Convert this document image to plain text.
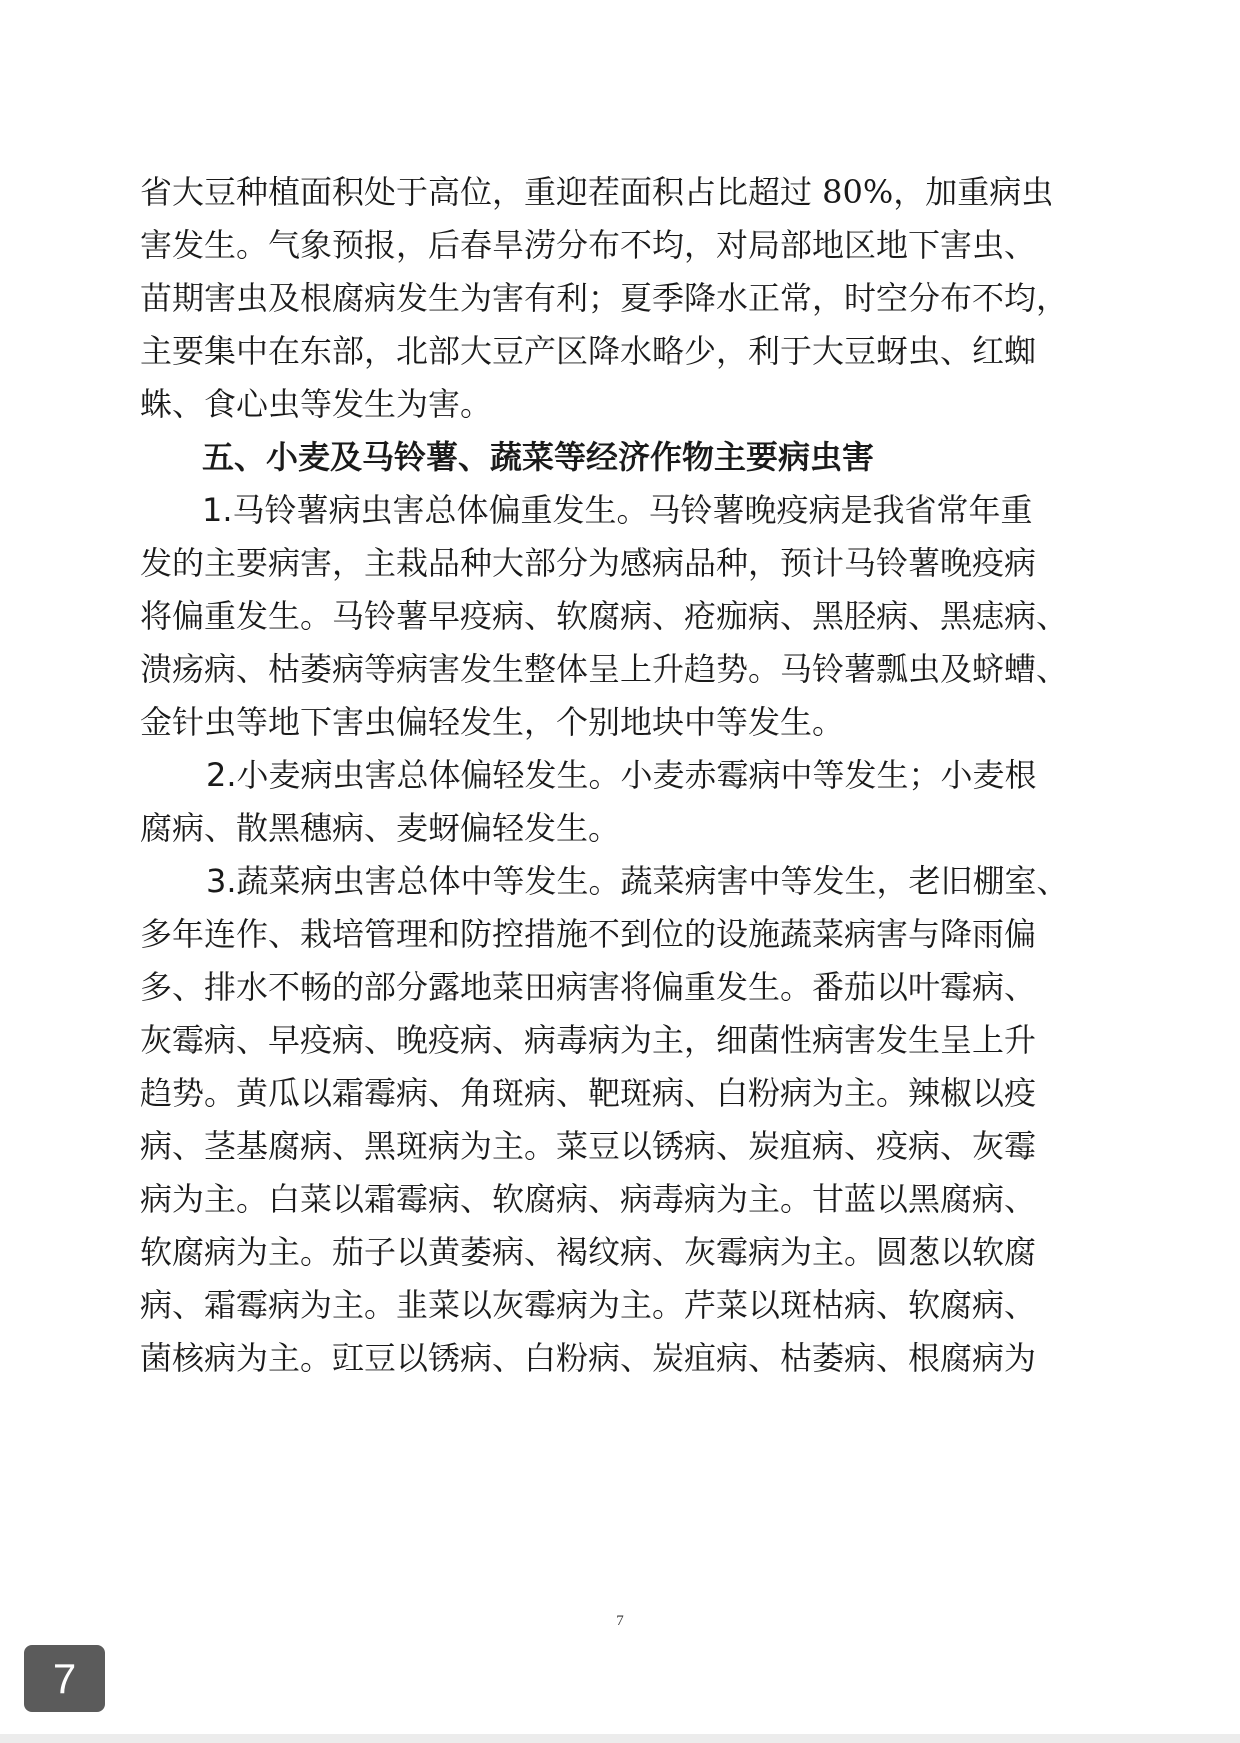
省大豆种植面积处于高位，重迎茬面积占比超过 80%，加重病虫
害发生。气象预报，后春旱涝分布不均，对局部地区地下害虫、
苗期害虫及根腐病发生为害有利；夏季降水正常，时空分布不均，
主要集中在东部，北部大豆产区降水略少，利于大豆蚜虫、红蜘
蛛、食心虫等发生为害。
五、小麦及马铃薯、蔬菜等经济作物主要病虫害
1.马铃薯病虫害总体偏重发生。马铃薯晚疫病是我省常年重
发的主要病害，主栽品种大部分为感病品种，预计马铃薯晚疫病
将偏重发生。马铃薯早疫病、软腐病、疮痂病、黑胫病、黑痣病、
溃疡病、枯萎病等病害发生整体呈上升趋势。马铃薯瓢虫及蛴螬、
金针虫等地下害虫偏轻发生，个别地块中等发生。
2.小麦病虫害总体偏轻发生。小麦赤霉病中等发生；小麦根
腐病、散黑穗病、麦蚜偏轻发生。
3.蔬菜病虫害总体中等发生。蔬菜病害中等发生，老旧棚室、
多年连作、栽培管理和防控措施不到位的设施蔬菜病害与降雨偏
多、排水不畅的部分露地菜田病害将偏重发生。番茄以叶霉病、
灰霉病、早疫病、晚疫病、病毒病为主，细菌性病害发生呈上升
趋势。黄瓜以霜霉病、角斑病、靶斑病、白粉病为主。辣椒以疫
病、茎基腐病、黑斑病为主。菜豆以锈病、炭疽病、疫病、灰霉
病为主。白菜以霜霉病、软腐病、病毒病为主。甘蓝以黑腐病、
软腐病为主。茄子以黄萎病、褐纹病、灰霉病为主。圆葱以软腐
病、霜霉病为主。韭菜以灰霉病为主。芹菜以斑枯病、软腐病、
菌核病为主。豇豆以锈病、白粉病、炭疽病、枯萎病、根腐病为
7
7
